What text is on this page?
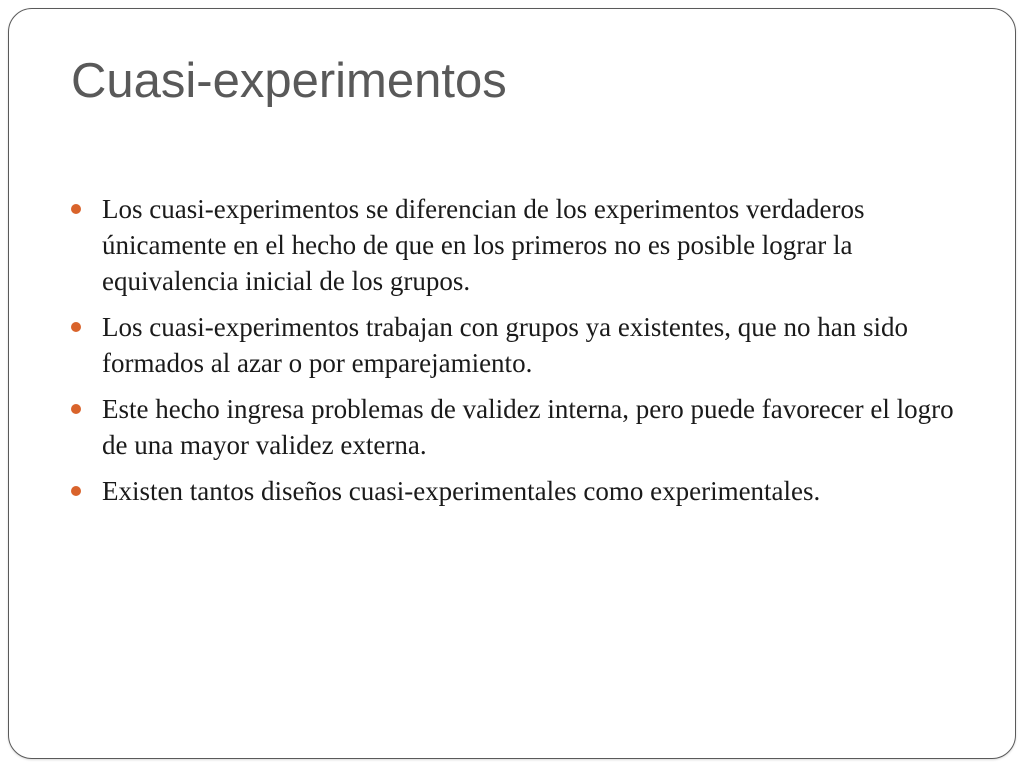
Cuasi-experimentos
Los cuasi-experimentos se diferencian de los experimentos verdaderos únicamente en el hecho de que en los primeros no es posible lograr la equivalencia inicial de los grupos.
Los cuasi-experimentos trabajan con grupos ya existentes, que no han sido formados al azar o por emparejamiento.
Este hecho ingresa problemas de validez interna, pero puede favorecer el logro de una mayor validez externa.
Existen tantos diseños cuasi-experimentales como experimentales.
